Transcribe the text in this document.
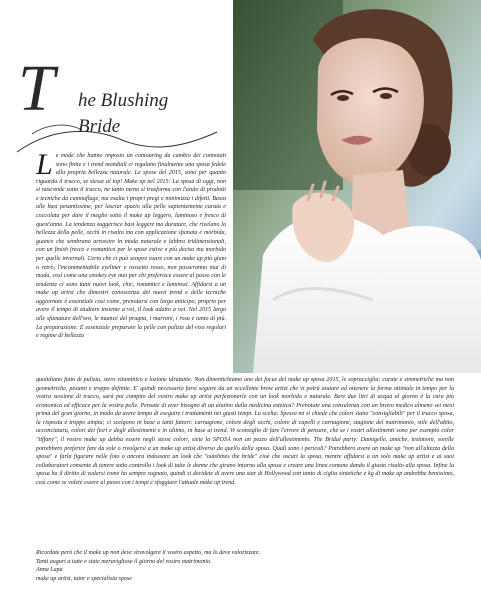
T he Blushing
Bride
L e mode che hanno imposto un contouring da cambio dei connotati sono finite e i trend mondiali ci regalano finalmente una sposa fedele alla propria bellezza naturale. Le spose del 2015, sono per quanto riguarda il trucco, se stesse al top! Make up nel 2015: La sposa di oggi, non si nasconde sotto il trucco, ne tanto meno si trasforma con l'aiuto di prodotti e tecniche da camouflage, ma esalta i propri pregi e minimizza i difetti. Basta alle basi pesantissime, per lasciar spazio alla pelle sapientemente curata e coccolata per dare il meglio sotto il make up leggero, luminoso e fresco di quest'anno. La tendenza suggerisce basi leggere ma durature, che rivelano la bellezza della pelle, occhi in risalto ma con applicazione sfumata e morbida, guance che sembrano arrossire in moda naturale e labbra tridimensionali, con un finish fresco e romantico per le spose estive e più deciso ma morbido per quelle invernali. Certo che ci può sempre osare con un make up più glam o retrò, l'incommentabile eyeliner e rossetto rosso, non passeranno mai di moda, così come una smokey eye mai per chi preferisce essere al passo con le tendenze ci sono tanti nuovi look, chic, romantici e luminosi. Affidarsi a un make up artist che dimostri conoscenza dei nuovi trend e delle tecniche aggiornate è essenziale così come, prenotarsi con largo anticipo, proprio per avere il tempo di studiare insieme a voi, il look adatto a voi. Nel 2015 largo alle sfumature dell'oro, le nuance del prugna, i marroni, i rosa e tanto di più. La preparazione: È essenziale preparare la pelle con pulizie del viso regolari e regime di bellezza
quotidiano fatto di pulizia, siero vitaminico e lozione idratante. Non dimentichiamo uno dei focus del make up sposa 2015, le sopracciglia; curate e simmetriche ma non geometriche, pesanti e troppo definite. E' quindi necessario farsi seguire da un eccellente brow artist che vi potrà aiutare ad ottenere la forma ottimale in tempo per la vostra sessione di trucco, sarà poi compito del vostro make up artist perfezionarle con un look morbido e naturale. Bere due litri di acqua al giorno è la cura più economica ed efficace per la vostra pelle. Pensate di aver bisogno di un aiutino dalla medicina estetica? Prenotate una consulenza con un bravo medico almeno sei mesi prima del gran giorno, in modo da avere tempo di eseguire i trattamenti nei giusti tempi. La scelta: Spesso mi si chiede che colori siano "consigliabili" per il trucco sposa, la risposta è troppo ampia; ci scelgono in base a tanti fattori: carnagione, colore degli occhi, colore di capelli e carnagione, stagione del matrimonio, stile dell'abito, acconciatura, colori dei fiori e degli allestimenti e in ultimo, in base ai trend. Vi sconsiglio di fare l'errore di pensare, che se i vostri allestimenti sono per esempio color "tiffany", il vostro make up debba essere negli stessi colori, siete la SPOSA non un pezzo dell'allestimento. The Bridal party: Damigelle, amiche, testimoni, sorelle potrebbero preferire fare da sole o rivolgersi a un make up artist diverso da quello della sposa. Quali sono i pericoli? Potrebbero avere un make up "non all'altezza della sposa" e farla figurare nelle foto o ancora indossare un look che "outshines the bride" cioè che oscuri la sposa, mentre affidarsi a un solo make up artist e ai suoi collaboratori consente di tenere sotto controllo i look di tutte le donne che girano intorno alla sposa e creare una linea comune dando il giusto risalto alla sposa. Infine la sposa ha il diritto di vedersi come ha sempre sognato, quindi si decidete di avere una star di Hollywood con tanto di ciglia sintetiche e kg di make up andrebbe benissimo, così come se volete essere al passo con i tempi e sfoggiare l'attuale make up trend.

Ricordate però che il make up non deve stravolgere il vostro aspetto, ma lo deve valorizzare.

Tanti auguri a tutte e siate meravigliose il giorno del vostro matrimonio.

Anna Lapa

make up artist, tutor e specialista spose
